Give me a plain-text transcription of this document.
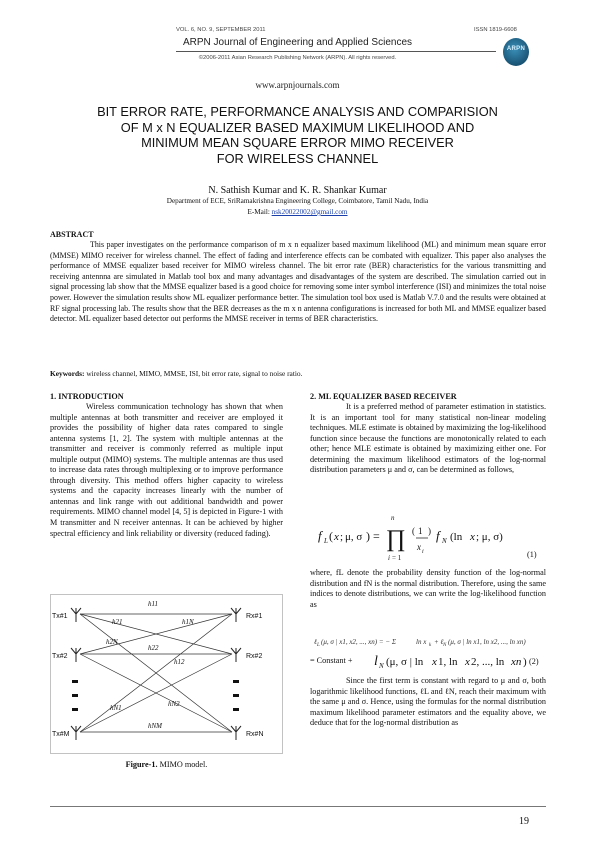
VOL. 6, NO. 9, SEPTEMBER 2011	ISSN 1819-6608
ARPN Journal of Engineering and Applied Sciences
©2006-2011 Asian Research Publishing Network (ARPN). All rights reserved.
ARPN
www.arpnjournals.com
BIT ERROR RATE, PERFORMANCE ANALYSIS AND COMPARISION
OF M x N EQUALIZER BASED MAXIMUM LIKELIHOOD AND
MINIMUM MEAN SQUARE ERROR MIMO RECEIVER
FOR WIRELESS CHANNEL
N. Sathish Kumar and K. R. Shankar Kumar
Department of ECE, SriRamakrishna Engineering College, Coimbatore, Tamil Nadu, India
E-Mail: nsk20022002@gmail.com
ABSTRACT
This paper investigates on the performance comparison of m x n equalizer based maximum likelihood (ML) and minimum mean square error (MMSE) MIMO receiver for wireless channel. The effect of fading and interference effects can be combated with equalizer. This paper also analyses the performance of MMSE equalizer based receiver for MIMO wireless channel. The bit error rate (BER) characteristics for the various transmitting and receiving antennna are simulated in Matlab tool box and many advantages and disadvantages of the system are described. The simulation carried out in signal processing lab show that the MMSE equalizer based is a good choice for removing some inter symbol interference (ISI) and minimizes the total noise power. However the simulation results show ML equalizer performance better. The simulation tool box used is Matlab V.7.0 and the results were obtained at RF signal processing lab. The results show that the BER decreases as the m x n antenna configurations is increased for both ML and MMSE equalizer based detector. ML equalizer based detector out performs the MMSE receiver in terms of BER characteristics.
Keywords: wireless channel, MIMO, MMSE, ISI, bit error rate, signal to noise ratio.
1. INTRODUCTION
Wireless communication technology has shown that when multiple antennas at both transmitter and receiver are employed it provides the possibility of higher data rates compared to single antenna systems [1, 2]. The system with multiple antennas at the transmitter and receiver is commonly referred as multiple input multiple output (MIMO) systems. The multiple antennas are thus used to increase data rates through multiplexing or to improve performance through diversity. This method offers higher capacity to wireless systems and the capacity increases linearly with the number of antennas and link range with out additional bandwidth and power requirements. MIMO channel model [4, 5] is depicted in Figure-1 with M transmitter and N receiver antennas. It can be achieved by higher spectral efficiency and link reliability or diversity (reduced fading).
Tx#1
Tx#2
Tx#M
Rx#1
Rx#2
Rx#N
h11
h21	h1N
h2N
h22
h12
hN1	hN2
hNM
Figure-1. MIMO model.
2. ML EQUALIZER BASED RECEIVER
It is a preferred method of parameter estimation in statistics. It is an important tool for many statistical non-linear modeling techniques. MLE estimate is obtained by maximizing the log-likelihood function since because the functions are monotonically related to each other; hence MLE estimate is obtained by maximizing either one. For determining the maximum likelihood estimators of the log-normal distribution parameters μ and σ, can be determined as follows,
f L ( x ; μ, σ ) = ∏
n
i = 1
( 1
x i
) f N (ln x ; μ, σ)
(1)
where, fL denote the probability density function of the log-normal distribution and fN is the normal distribution. Therefore, using the same indices to denote distributions, we can write the log-likelihood function as
ℓ L (μ, σ | x1, x2, ..., xn) = − Σ	ln x k + ℓ N (μ, σ | ln x1, ln x2, ..., ln xn)
= Constant + l N (μ, σ | ln x 1, ln x 2, ..., ln xn ) (2)
Since the first term is constant with regard to μ and σ, both logarithmic likelihood functions, ℓL and ℓN, reach their maximum with the same μ and σ. Hence, using the formulas for the normal distribution maximum likelihood parameter estimators and the equality above, we deduce that for the log-normal distribution as
19
